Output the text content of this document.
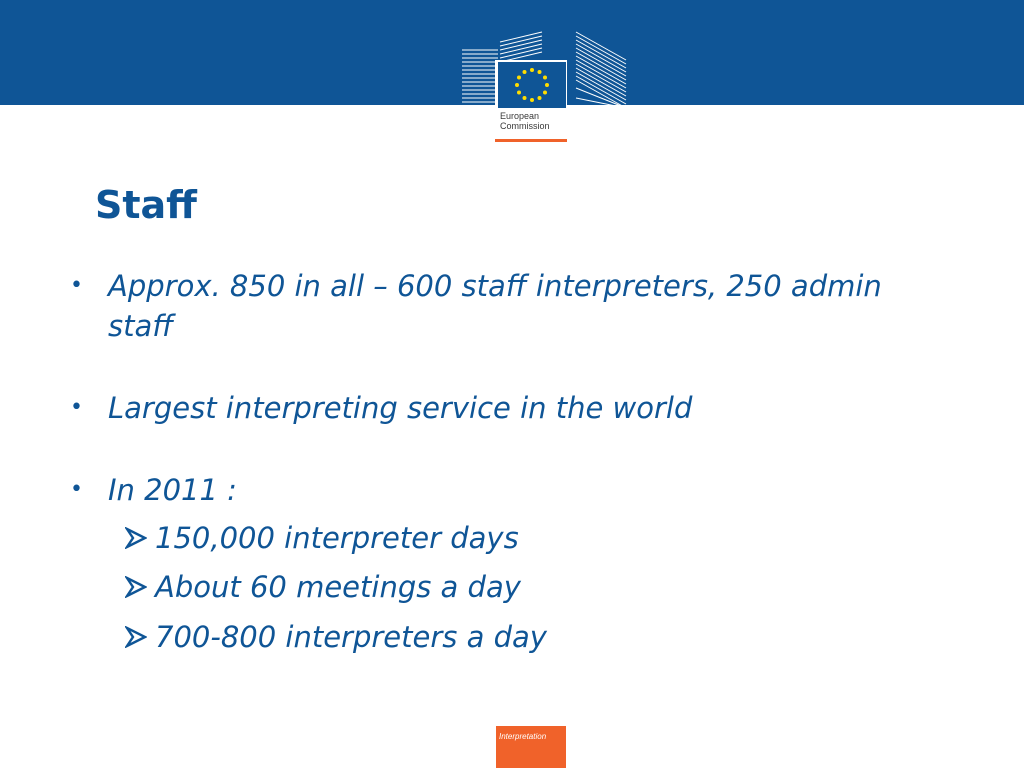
European
Commission
Staff
• Approx. 850 in all – 600 staff interpreters, 250 admin staff
• Largest interpreting service in the world
• In 2011 :
150,000 interpreter days
About 60 meetings a day
700-800 interpreters a day
Interpretation
